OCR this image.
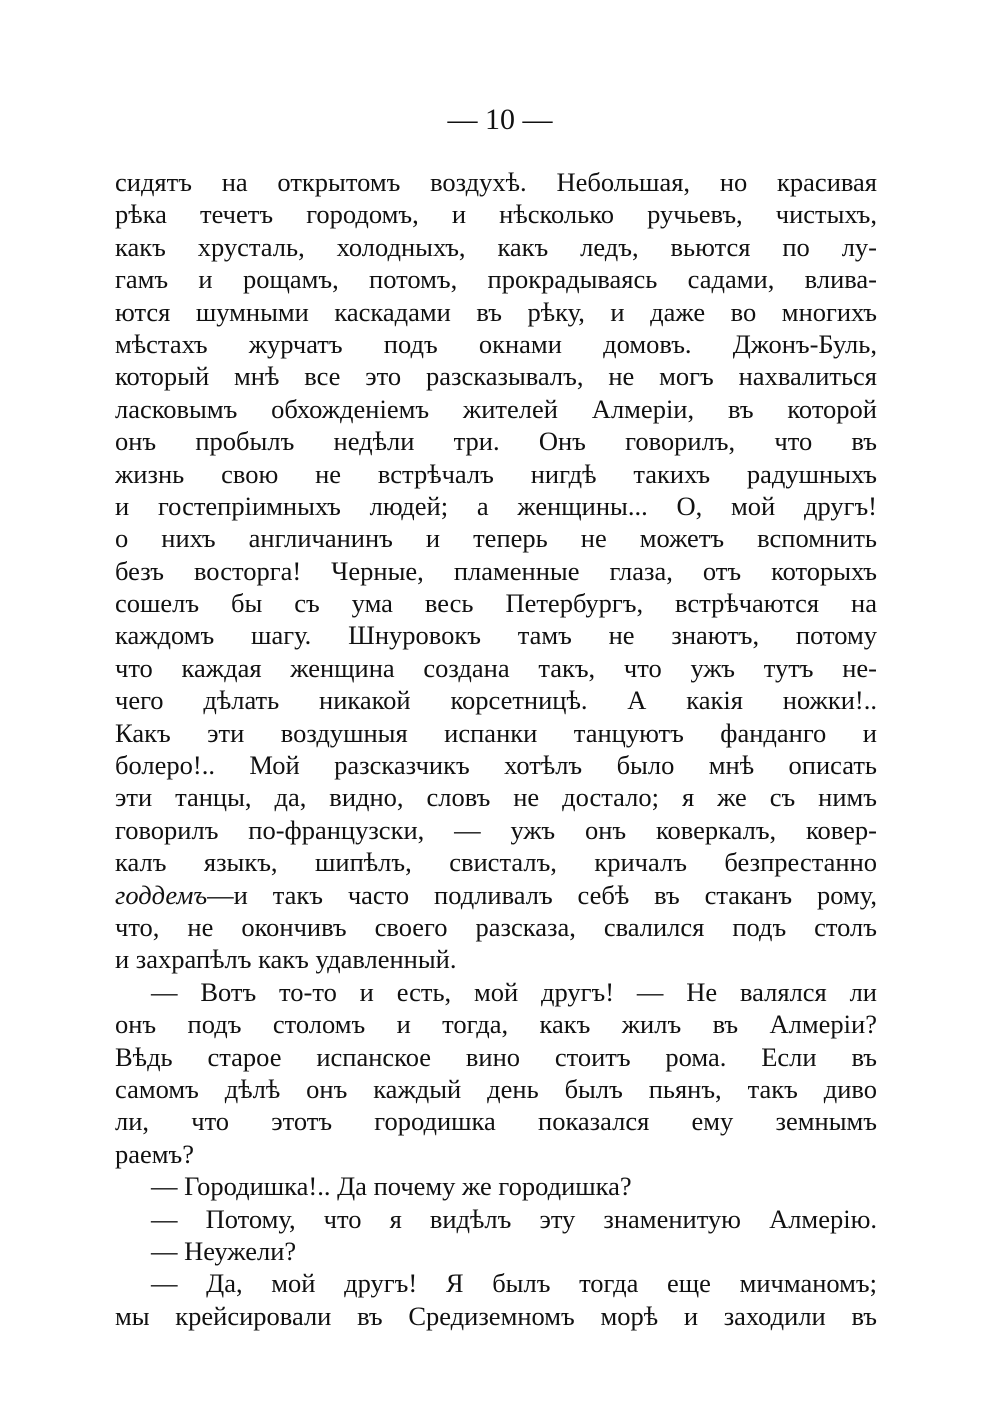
— 10 —
сидятъ на открытомъ воздухѣ. Небольшая, но красивая
рѣка течетъ городомъ, и нѣсколько ручьевъ, чистыхъ,
какъ хрусталь, холодныхъ, какъ ледъ, вьются по лу-
гамъ и рощамъ, потомъ, прокрадываясь садами, влива-
ются шумными каскадами въ рѣку, и даже во многихъ
мѣстахъ журчатъ подъ окнами домовъ. Джонъ-Буль,
который мнѣ все это разсказывалъ, не могъ нахвалиться
ласковымъ обхожденіемъ жителей Алмеріи, въ которой
онъ пробылъ недѣли три. Онъ говорилъ, что въ
жизнь свою не встрѣчалъ нигдѣ такихъ радушныхъ
и гостепріимныхъ людей; а женщины... О, мой другъ!
о нихъ англичанинъ и теперь не можетъ вспомнить
безъ восторга! Черные, пламенные глаза, отъ которыхъ
сошелъ бы съ ума весь Петербургъ, встрѣчаются на
каждомъ шагу. Шнуровокъ тамъ не знаютъ, потому
что каждая женщина создана такъ, что ужъ тутъ не-
чего дѣлать никакой корсетницѣ. А какія ножки!..
Какъ эти воздушныя испанки танцуютъ фанданго и
болеро!.. Мой разсказчикъ хотѣлъ было мнѣ описать
эти танцы, да, видно, словъ не достало; я же съ нимъ
говорилъ по-французски, — ужъ онъ коверкалъ, ковер-
калъ языкъ, шипѣлъ, свисталъ, кричалъ безпрестанно
годдемъ—и такъ часто подливалъ себѣ въ стаканъ рому,
что, не окончивъ своего разсказа, свалился подъ столъ
и захрапѣлъ какъ удавленный.
— Вотъ то-то и есть, мой другъ! — Не валялся ли
онъ подъ столомъ и тогда, какъ жилъ въ Алмеріи?
Вѣдь старое испанское вино стоитъ рома. Если въ
самомъ дѣлѣ онъ каждый день былъ пьянъ, такъ диво
ли, что этотъ городишка показался ему земнымъ
раемъ?
— Городишка!.. Да почему же городишка?
— Потому, что я видѣлъ эту знаменитую Алмерію.
— Неужели?
— Да, мой другъ! Я былъ тогда еще мичманомъ;
мы крейсировали въ Средиземномъ морѣ и заходили въ
